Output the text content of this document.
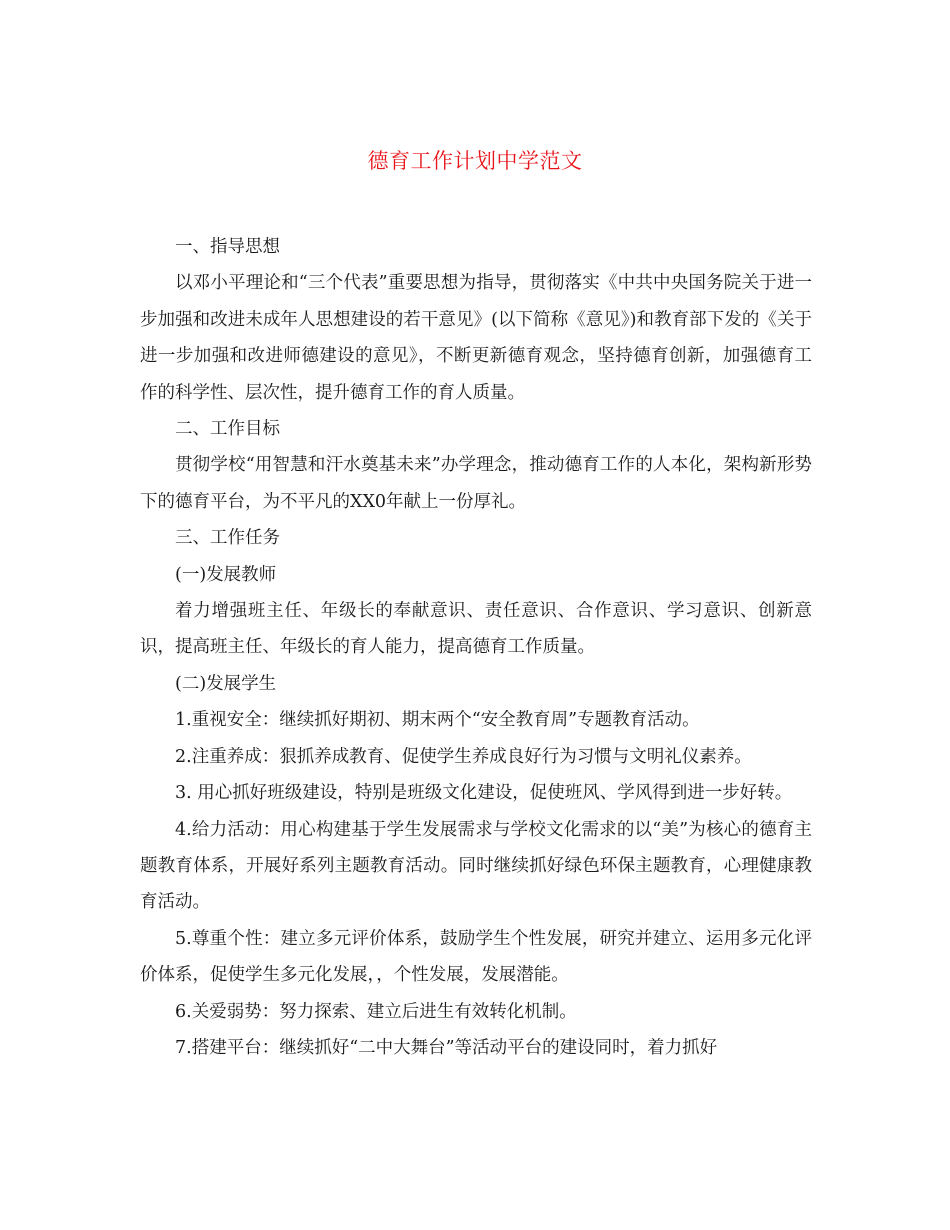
德育工作计划中学范文

一、指导思想

以邓小平理论和“三个代表”重要思想为指导，贯彻落实《中共中央国务院关于进一步加强和改进未成年人思想建设的若干意见》(以下简称《意见》)和教育部下发的《关于进一步加强和改进师德建设的意见》，不断更新德育观念，坚持德育创新，加强德育工作的科学性、层次性，提升德育工作的育人质量。

二、工作目标

贯彻学校“用智慧和汗水奠基未来”办学理念，推动德育工作的人本化，架构新形势下的德育平台，为不平凡的XX0年献上一份厚礼。

三、工作任务

(一)发展教师

着力增强班主任、年级长的奉献意识、责任意识、合作意识、学习意识、创新意识，提高班主任、年级长的育人能力，提高德育工作质量。

(二)发展学生

1.重视安全：继续抓好期初、期末两个“安全教育周”专题教育活动。

2.注重养成：狠抓养成教育、促使学生养成良好行为习惯与文明礼仪素养。

3. 用心抓好班级建设，特别是班级文化建设，促使班风、学风得到进一步好转。

4.给力活动：用心构建基于学生发展需求与学校文化需求的以“美”为核心的德育主题教育体系，开展好系列主题教育活动。同时继续抓好绿色环保主题教育，心理健康教育活动。

5.尊重个性：建立多元评价体系，鼓励学生个性发展，研究并建立、运用多元化评价体系，促使学生多元化发展，，个性发展，发展潜能。

6.关爱弱势：努力探索、建立后进生有效转化机制。

7.搭建平台：继续抓好“二中大舞台”等活动平台的建设同时，着力抓好
